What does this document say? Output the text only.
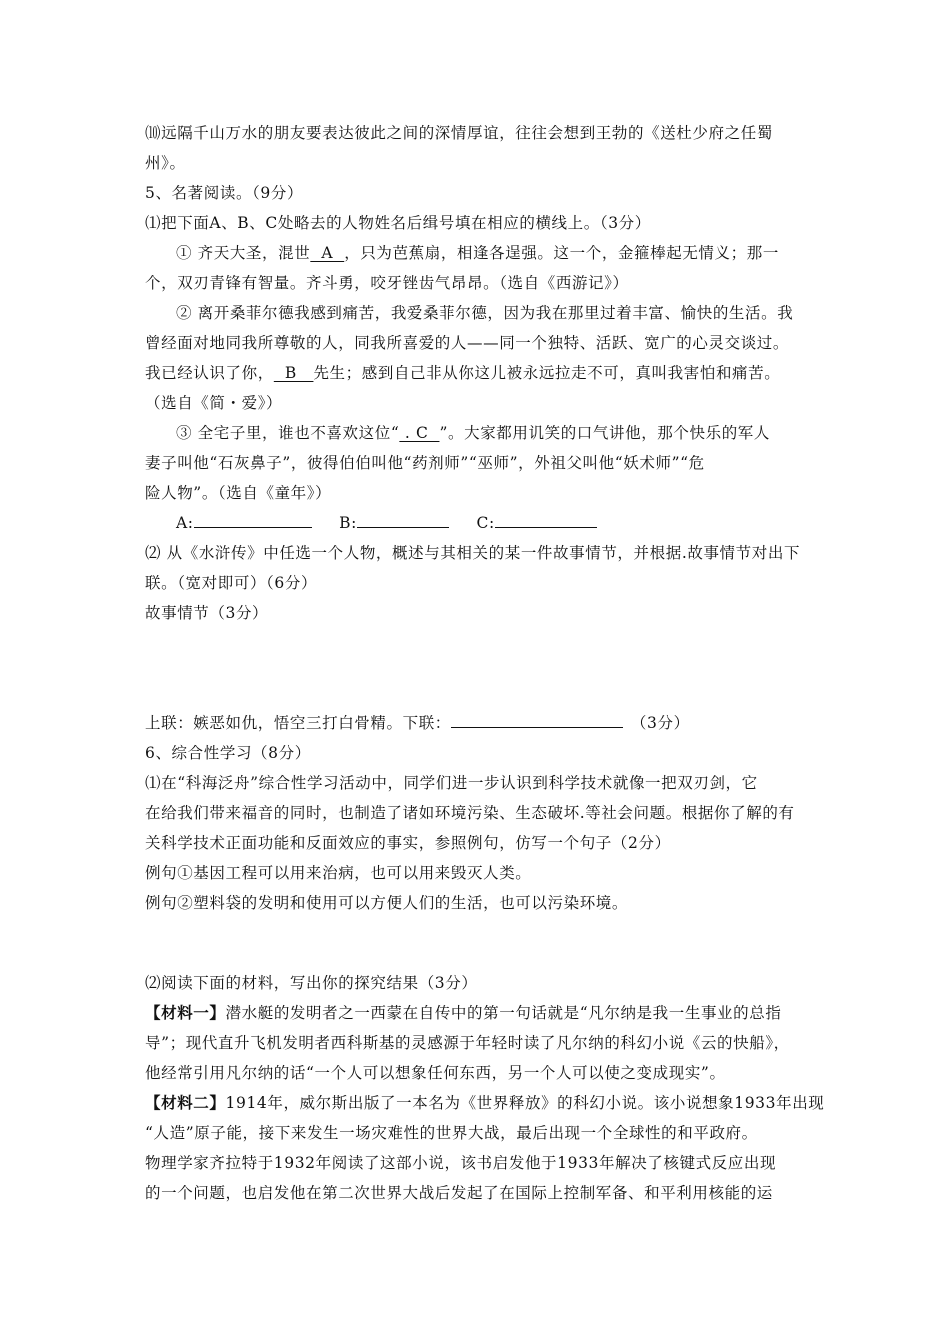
⑽远隔千山万水的朋友要表达彼此之间的深情厚谊，往往会想到王勃的《送杜少府之任蜀

州》。

5、名著阅读。（9分）

⑴把下面A、B、C处略去的人物姓名后缉号填在相应的横线上。（3分）

① 齐天大圣，混世  A  ，只为芭蕉扇，相逢各逞强。这一个，金箍棒起无情义；那一

个，双刃青锋有智量。齐斗勇，咬牙锉齿气昂昂。（选自《西游记》）

② 离开桑菲尔德我感到痛苦，我爱桑菲尔德，因为我在那里过着丰富、愉快的生活。我

曾经面对地同我所尊敬的人，同我所喜爱的人——同一个独特、活跃、宽广的心灵交谈过。

我已经认识了你，  B   先生；感到自己非从你这儿被永远拉走不可，真叫我害怕和痛苦。

（选自《简・爱》）

③ 全宅子里，谁也不喜欢这位“ . C  ”。大家都用讥笑的口气讲他，那个快乐的军人

妻子叫他“石灰鼻子”，彼得伯伯叫他“药剂师”“巫师”，外祖父叫他“妖术师”“危

险人物”。（选自《童年》）

A:	B:	C:

⑵ 从《水浒传》中任选一个人物，概述与其相关的某一件故事情节，并根据.故事情节对出下

联。（宽对即可）（6分）

故事情节（3分）

上联：嫉恶如仇，悟空三打白骨精。下联：	（3分）

6、综合性学习（8分）

⑴在“科海泛舟”综合性学习活动中，同学们进一步认识到科学技术就像一把双刃剑，它

在给我们带来福音的同时，也制造了诸如环境污染、生态破坏.等社会问题。根据你了解的有

关科学技术正面功能和反面效应的事实，参照例句，仿写一个句子（2分）

例句①基因工程可以用来治病，也可以用来毁灭人类。

例句②塑料袋的发明和使用可以方便人们的生活，也可以污染环境。

⑵阅读下面的材料，写出你的探究结果（3分）

【材料一】潜水艇的发明者之一西蒙在自传中的第一句话就是“凡尔纳是我一生事业的总指

导”；现代直升飞机发明者西科斯基的灵感源于年轻时读了凡尔纳的科幻小说《云的快船》，

他经常引用凡尔纳的话“一个人可以想象任何东西，另一个人可以使之变成现实”。

【材料二】1914年，威尔斯出版了一本名为《世界释放》的科幻小说。该小说想象1933年出现

“人造”原子能，接下来发生一场灾难性的世界大战，最后出现一个全球性的和平政府。

物理学家齐拉特于1932年阅读了这部小说，该书启发他于1933年解决了核键式反应出现

的一个问题，也启发他在第二次世界大战后发起了在国际上控制军备、和平利用核能的运
